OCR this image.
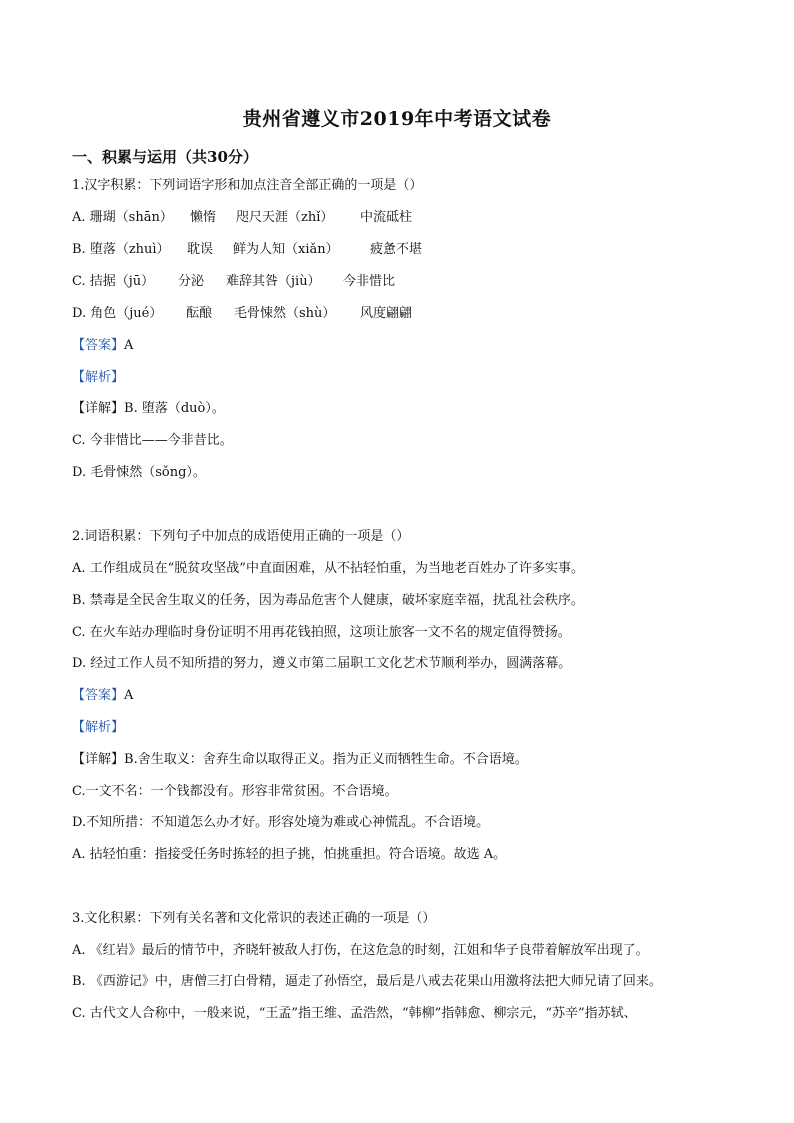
贵州省遵义市2019年中考语文试卷
一、积累与运用（共30分）
1.汉字积累：下列词语字形和加点注音全部正确的一项是（）
A. 珊瑚（shān） 懒惰 咫尺天涯（zhǐ） 中流砥柱
B. 堕落（zhuì） 耽误 鲜为人知（xiǎn） 疲惫不堪
C. 拮据（jū） 分泌 难辞其咎（jiù） 今非惜比
D. 角色（jué） 酝酿 毛骨悚然（shù） 风度翩翩
【答案】A
【解析】
【详解】B. 堕落（duò）。
C. 今非惜比——今非昔比。
D. 毛骨悚然（sǒng）。
2.词语积累：下列句子中加点的成语使用正确的一项是（）
A. 工作组成员在“脱贫攻坚战”中直面困难，从不拈轻怕重，为当地老百姓办了许多实事。
B. 禁毒是全民舍生取义的任务，因为毒品危害个人健康，破坏家庭幸福，扰乱社会秩序。
C. 在火车站办理临时身份证明不用再花钱拍照，这项让旅客一文不名的规定值得赞扬。
D. 经过工作人员不知所措的努力，遵义市第二届职工文化艺术节顺利举办，圆满落幕。
【答案】A
【解析】
【详解】B.舍生取义：舍弃生命以取得正义。指为正义而牺牲生命。不合语境。
C.一文不名：一个钱都没有。形容非常贫困。不合语境。
D.不知所措：不知道怎么办才好。形容处境为难或心神慌乱。不合语境。
A. 拈轻怕重：指接受任务时拣轻的担子挑，怕挑重担。符合语境。故选 A。
3.文化积累：下列有关名著和文化常识的表述正确的一项是（）
A. 《红岩》最后的情节中，齐晓轩被敌人打伤，在这危急的时刻，江姐和华子良带着解放军出现了。
B. 《西游记》中，唐僧三打白骨精，逼走了孙悟空，最后是八戒去花果山用激将法把大师兄请了回来。
C. 古代文人合称中，一般来说，“王孟”指王维、孟浩然，“韩柳”指韩愈、柳宗元，“苏辛”指苏轼、
